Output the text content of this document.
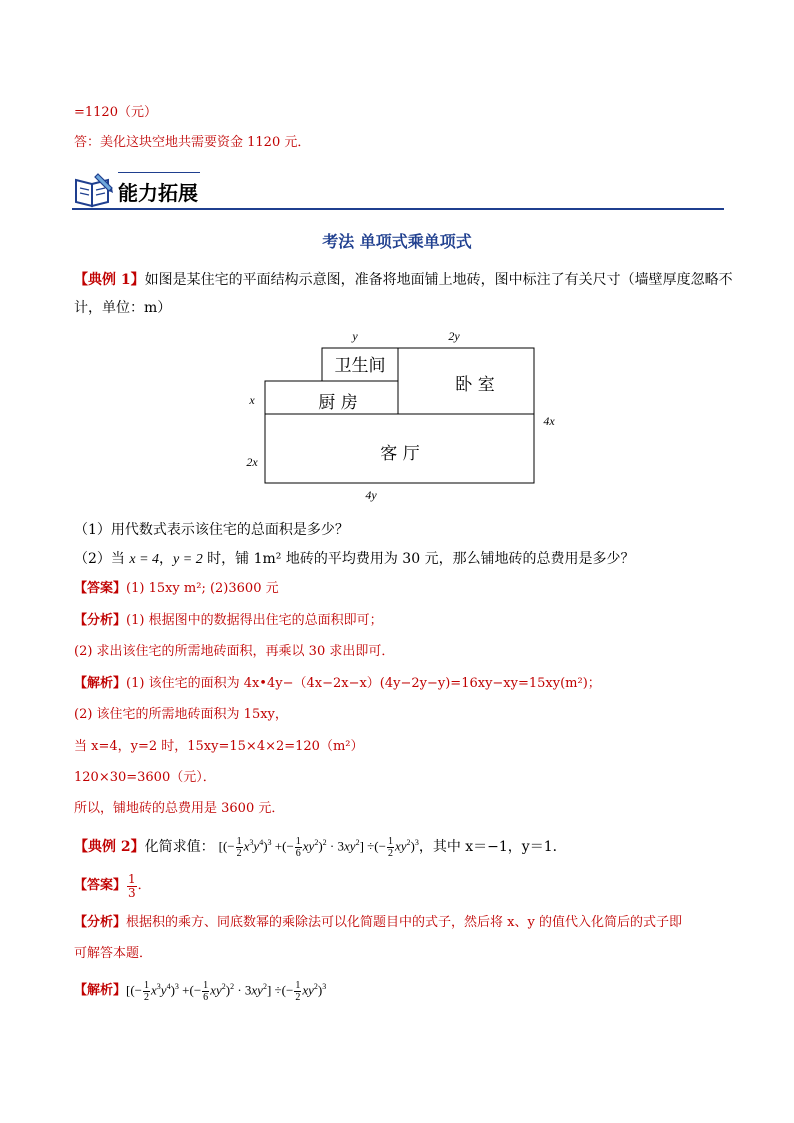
=1120（元）
答：美化这块空地共需要资金 1120 元．
能力拓展
考法 单项式乘单项式
【典例 1】如图是某住宅的平面结构示意图，准备将地面铺上地砖，图中标注了有关尺寸（墙壁厚度忽略不
计，单位：m）
卫生间
卧 室
厨 房
客 厅
y	2y
x
2x
4x
4y
（1）用代数式表示该住宅的总面积是多少？
（2）当 x = 4，y = 2 时，铺 1m² 地砖的平均费用为 30 元，那么铺地砖的总费用是多少？
【答案】(1) 15xy m²; (2)3600 元
【分析】(1) 根据图中的数据得出住宅的总面积即可；
(2) 求出该住宅的所需地砖面积，再乘以 30 求出即可．
【解析】(1) 该住宅的面积为 4x•4y−（4x−2x−x）(4y−2y−y)=16xy−xy=15xy(m²)；
(2) 该住宅的所需地砖面积为 15xy，
当 x=4，y=2 时，15xy=15×4×2=120（m²）
120×30=3600（元）．
所以，铺地砖的总费用是 3600 元．
【典例 2】 化简求值： [(− $\frac{1}{2} x^3y^4)^3$ +(− $\frac{1}{6} xy^2)^2 \cdot 3xy^2$] ÷(− $\frac{1}{2} xy^2)^3$ ，其中 x＝−1，y＝1．
【答案】 $\frac{1}{3}$ ．
【分析】根据积的乘方、同底数幂的乘除法可以化简题目中的式子，然后将 x、y 的值代入化简后的式子即
可解答本题．
【解析】 [(− $\frac{1}{2} x^3y^4)^3$ +(− $\frac{1}{6} xy^2)^2 \cdot 3xy^2$] ÷(− $\frac{1}{2} xy^2)^3$
